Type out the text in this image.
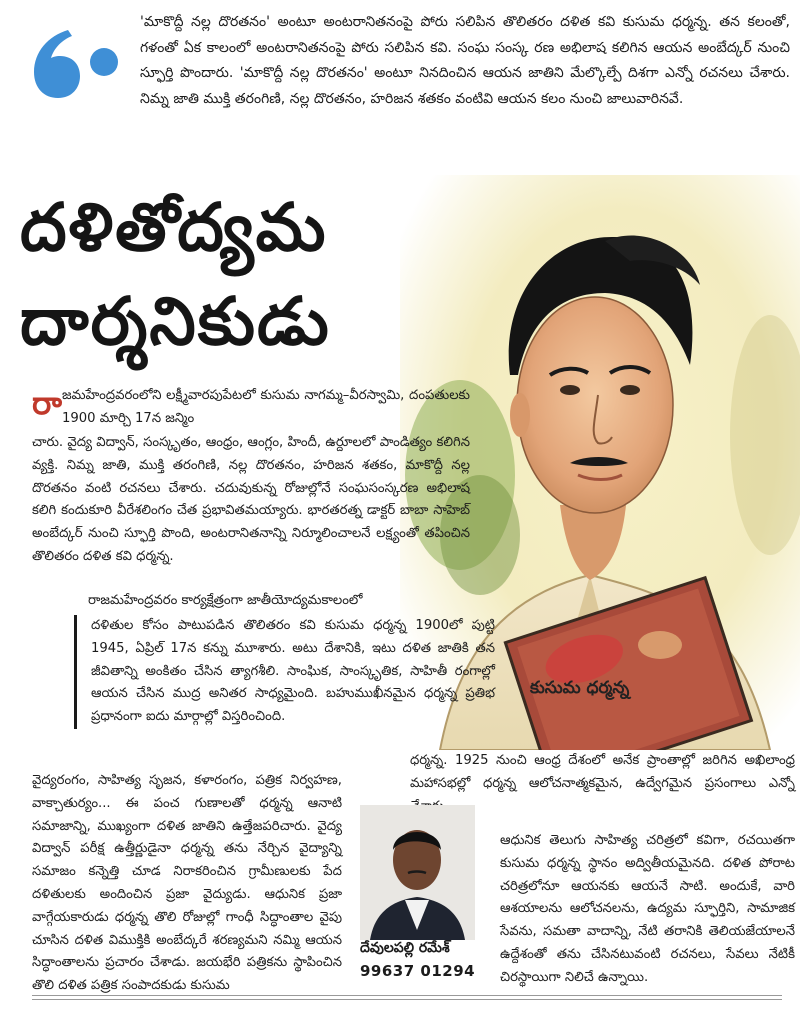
'మాకొద్దీ నల్ల దొరతనం' అంటూ అంటరానితనంపై పోరు సలిపిన తొలితరం దళిత కవి కుసుమ ధర్మన్న. తన కలంతో, గళంతో ఏక కాలంలో అంటరానితనంపై పోరు సలిపిన కవి. సంఘ సంస్క రణ అభిలాష కలిగిన ఆయన అంబేద్కర్ నుంచి స్ఫూర్తి పొందారు. 'మాకొద్దీ నల్ల దొరతనం' అంటూ నినదించిన ఆయన జాతిని మేల్కొల్పే దిశగా ఎన్నో రచనలు చేశారు. నిమ్న జాతి ముక్తి తరంగిణి, నల్ల దొరతనం, హరిజన శతకం వంటివి ఆయన కలం నుంచి జాలువారినవే.
కుసుమ ధర్మన్న
దళితోద్యమ
దార్శనికుడు
రా జమహేంద్రవరంలోని లక్ష్మీవారపుపేటలో కుసుమ నాగమ్మ–వీరస్వామి, దంపతులకు 1900 మార్చి 17న జన్మిం
చారు. వైద్య విద్వాన్, సంస్కృతం, ఆంధ్రం, ఆంగ్లం, హిందీ, ఉర్దూలలో పాండిత్యం కలిగిన వ్యక్తి. నిమ్న జాతి, ముక్తి తరంగిణి, నల్ల దొరతనం, హరిజన శతకం, మాకొద్దీ నల్ల దొరతనం వంటి రచనలు చేశారు. చదువుకున్న రోజుల్లోనే సంఘసంస్కరణ అభిలాష కలిగి కందుకూరి వీరేశలింగం చేత ప్రభావితమయ్యారు. భారతరత్న డాక్టర్ బాబా సాహెబ్ అంబేద్కర్ నుంచి స్ఫూర్తి పొంది, అంటరానితనాన్ని నిర్మూలించాలనే లక్ష్యంతో తపించిన తొలితరం దళిత కవి ధర్మన్న.
రాజమహేంద్రవరం కార్యక్షేత్రంగా జాతీయోద్యమకాలంలో
దళితుల కోసం పాటుపడిన తొలితరం కవి కుసుమ ధర్మన్న 1900లో పుట్టి 1945, ఏప్రిల్ 17న కన్ను మూశారు. అటు దేశానికి, ఇటు దళిత జాతికి తన జీవితాన్ని అంకితం చేసిన త్యాగశీలి. సాంఘిక, సాంస్కృతిక, సాహితీ రంగాల్లో ఆయన చేసిన ముద్ర అనితర సాధ్యమైంది. బహుముఖీనమైన ధర్మన్న ప్రతిభ ప్రధానంగా ఐదు మార్గాల్లో విస్తరించింది.
ధర్మన్న. 1925 నుంచి ఆంధ్ర దేశంలో అనేక ప్రాంతాల్లో జరిగిన అఖిలాంధ్ర మహాసభల్లో ధర్మన్న ఆలోచనాత్మకమైన, ఉద్వేగమైన ప్రసంగాలు ఎన్నో
వైద్యరంగం, సాహిత్య సృజన, కళారంగం, పత్రిక నిర్వహణ, వాక్చాతుర్యం... ఈ పంచ గుణాలతో ధర్మన్న ఆనాటి సమాజాన్ని, ముఖ్యంగా దళిత జాతిని ఉత్తేజపరిచారు. వైద్య విద్వాన్ పరీక్ష ఉత్తీర్ణుడైనా ధర్మన్న తను నేర్చిన వైద్యాన్ని సమాజం కన్నెత్తి చూడ నిరాకరించిన గ్రామీణులకు పేద దళితులకు అందించిన ప్రజా వైద్యుడు. ఆధునిక ప్రజా వాగ్గేయకారుడు ధర్మన్న తొలి రోజుల్లో గాంధీ సిద్ధాంతాల వైపు చూసిన దళిత విముక్తికి అంబేద్కరే శరణ్యమని నమ్మి ఆయన సిద్ధాంతాలను ప్రచారం చేశాడు. జయభేరి పత్రికను స్థాపించిన తొలి దళిత పత్రిక సంపాదకుడు కుసుమ
దేవులపల్లి రమేశ్
99637 01294
ఆధునిక తెలుగు సాహిత్య చరిత్రలో కవిగా, రచయితగా కుసుమ ధర్మన్న స్థానం అద్వితీయమైనది. దళిత పోరాట చరిత్రలోనూ ఆయనకు ఆయనే సాటి. అందుకే, వారి ఆశయాలను ఆలోచనలను, ఉద్యమ స్ఫూర్తిని, సామాజిక సేవను, సమతా వాదాన్ని, నేటి తరానికి తెలియజేయాలనే ఉద్దేశంతో తను చేసినటువంటి రచనలు, సేవలు నేటికీ చిరస్థాయిగా నిలిచే ఉన్నాయి.
